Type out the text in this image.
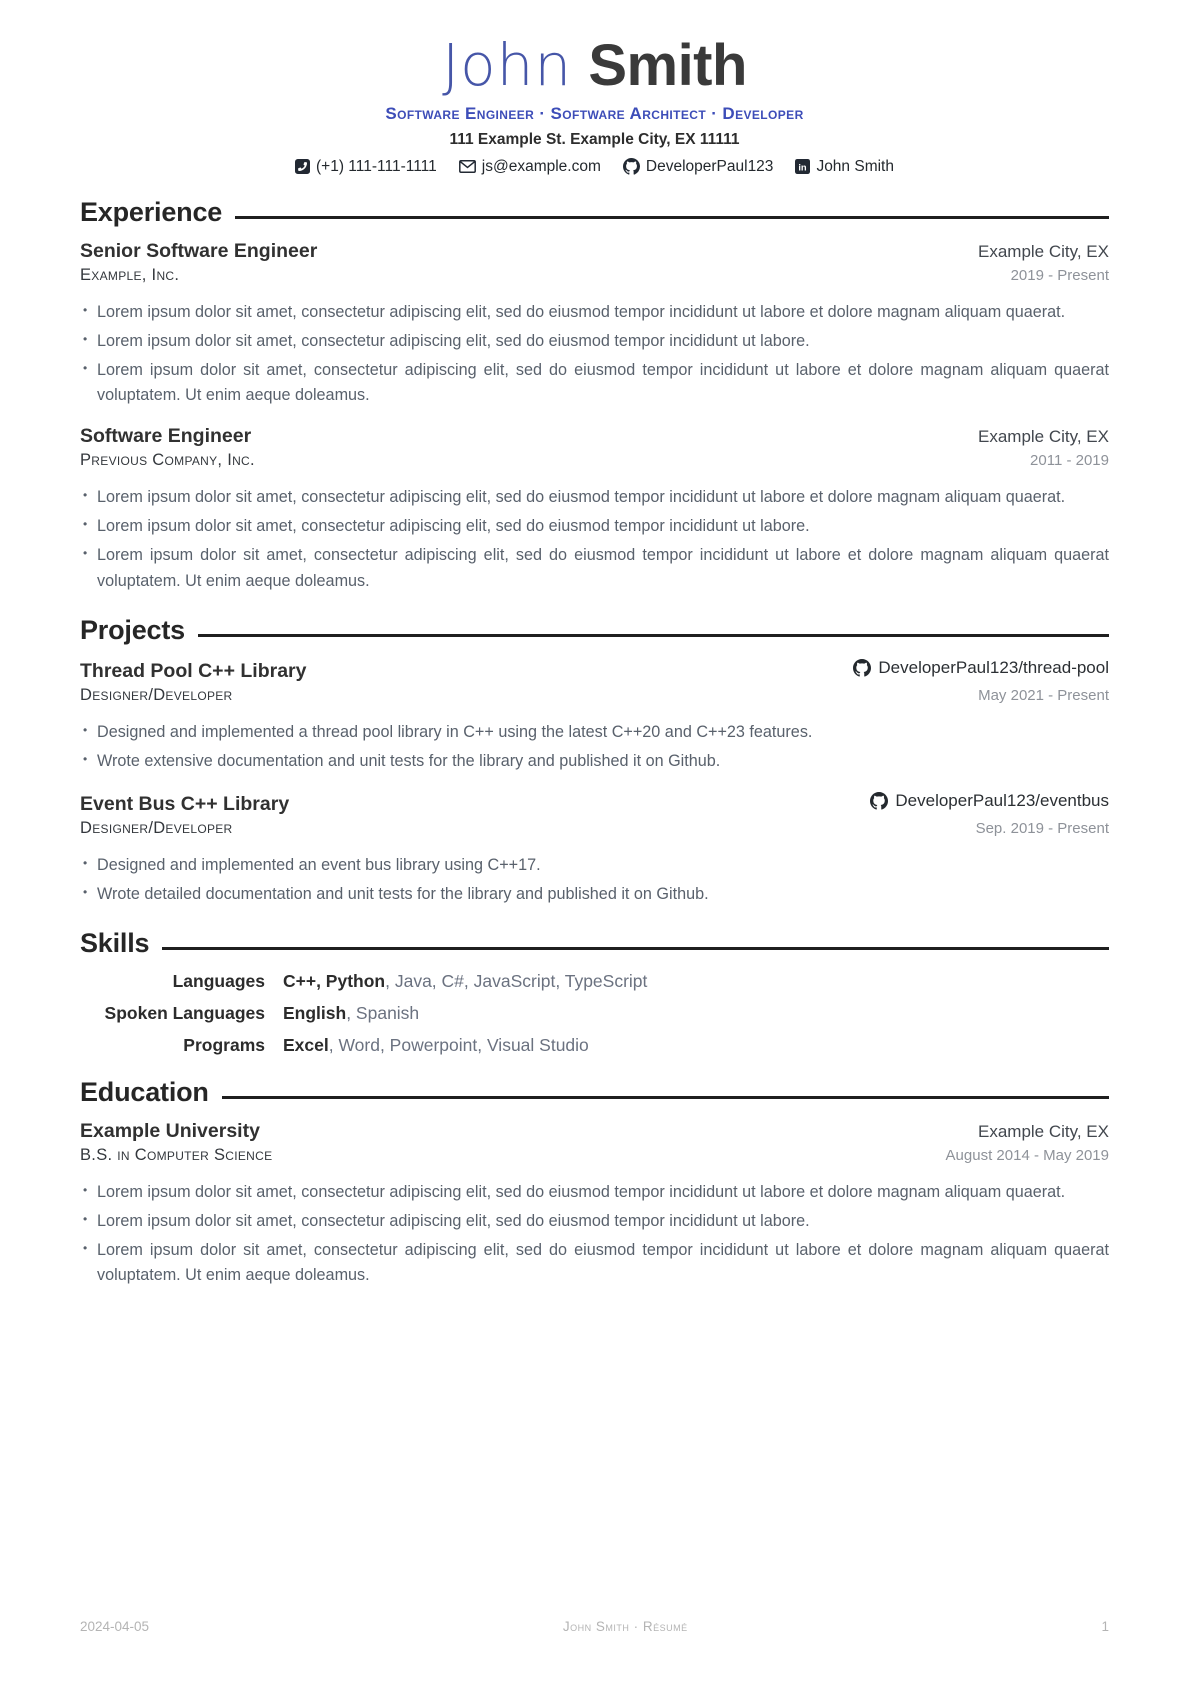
John Smith
Software Engineer · Software Architect · Developer
111 Example St. Example City, EX 11111
(+1) 111-111-1111	js@example.com	DeveloperPaul123	in John Smith
Experience
Senior Software Engineer	Example City, EX
Example, Inc.	2019 - Present
• Lorem ipsum dolor sit amet, consectetur adipiscing elit, sed do eiusmod tempor incididunt ut labore et dolore magnam aliquam quaerat.
• Lorem ipsum dolor sit amet, consectetur adipiscing elit, sed do eiusmod tempor incididunt ut labore.
• Lorem ipsum dolor sit amet, consectetur adipiscing elit, sed do eiusmod tempor incididunt ut labore et dolore magnam aliquam quaerat voluptatem. Ut enim aeque doleamus.
Software Engineer	Example City, EX
Previous Company, Inc.	2011 - 2019
• Lorem ipsum dolor sit amet, consectetur adipiscing elit, sed do eiusmod tempor incididunt ut labore et dolore magnam aliquam quaerat.
• Lorem ipsum dolor sit amet, consectetur adipiscing elit, sed do eiusmod tempor incididunt ut labore.
• Lorem ipsum dolor sit amet, consectetur adipiscing elit, sed do eiusmod tempor incididunt ut labore et dolore magnam aliquam quaerat voluptatem. Ut enim aeque doleamus.
Projects
Thread Pool C++ Library	DeveloperPaul123/thread-pool
Designer/Developer	May 2021 - Present
• Designed and implemented a thread pool library in C++ using the latest C++20 and C++23 features.
• Wrote extensive documentation and unit tests for the library and published it on Github.
Event Bus C++ Library	DeveloperPaul123/eventbus
Designer/Developer	Sep. 2019 - Present
• Designed and implemented an event bus library using C++17.
• Wrote detailed documentation and unit tests for the library and published it on Github.
Skills
Languages C++, Python, Java, C#, JavaScript, TypeScript
Spoken Languages English, Spanish
Programs Excel, Word, Powerpoint, Visual Studio
Education
Example University	Example City, EX
B.S. in Computer Science	August 2014 - May 2019
• Lorem ipsum dolor sit amet, consectetur adipiscing elit, sed do eiusmod tempor incididunt ut labore et dolore magnam aliquam quaerat.
• Lorem ipsum dolor sit amet, consectetur adipiscing elit, sed do eiusmod tempor incididunt ut labore.
• Lorem ipsum dolor sit amet, consectetur adipiscing elit, sed do eiusmod tempor incididunt ut labore et dolore magnam aliquam quaerat voluptatem. Ut enim aeque doleamus.
2024-04-05	John Smith · Résumé	1
